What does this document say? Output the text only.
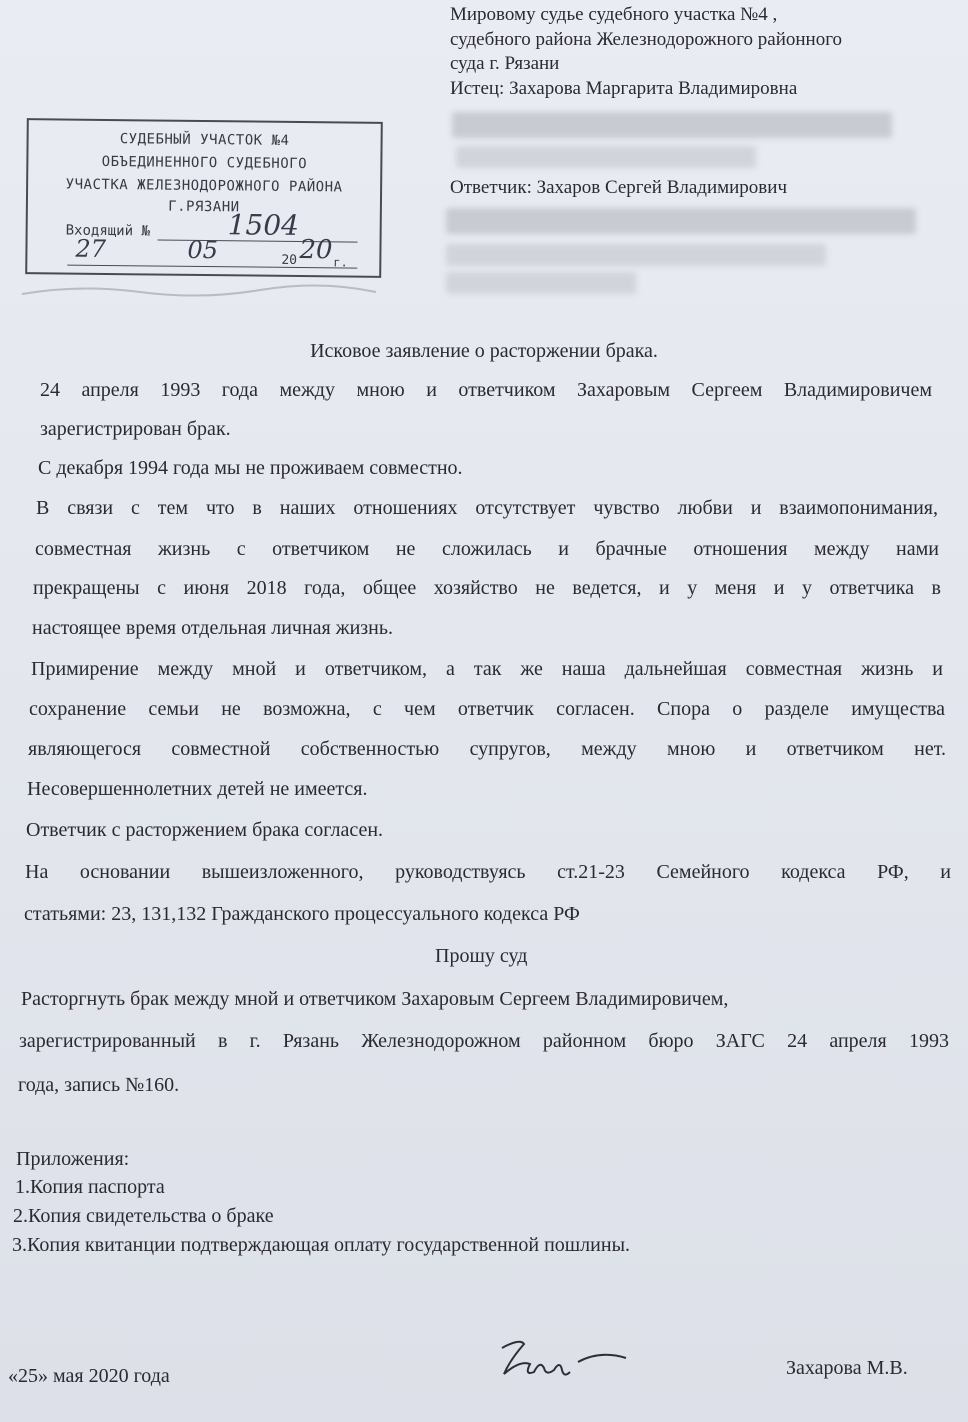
Мировому судье судебного участка №4 ,
судебного района Железнодорожного районного
суда г. Рязани
Истец: Захарова Маргарита Владимировна
Ответчик: Захаров Сергей Владимирович
СУДЕБНЫЙ УЧАСТОК №4
ОБЪЕДИНЕННОГО СУДЕБНОГО
УЧАСТКА ЖЕЛЕЗНОДОРОЖНОГО РАЙОНА
Г.РЯЗАНИ
Входящий №	1504
27	05	20 20 г.
Исковое заявление о расторжении брака.
24 апреля 1993 года между мною и ответчиком Захаровым Сергеем Владимировичем
зарегистрирован брак.
С декабря 1994 года мы не проживаем совместно.
В связи с тем что в наших отношениях отсутствует чувство любви и взаимопонимания,
совместная жизнь с ответчиком не сложилась и брачные отношения между нами
прекращены с июня 2018 года, общее хозяйство не ведется, и у меня и у ответчика в
настоящее время отдельная личная жизнь.
Примирение между мной и ответчиком, а так же наша дальнейшая совместная жизнь и
сохранение семьи не возможна, с чем ответчик согласен. Спора о разделе имущества
являющегося совместной собственностью супругов, между мною и ответчиком нет.
Несовершеннолетних детей не имеется.
Ответчик с расторжением брака согласен.
На основании вышеизложенного, руководствуясь ст.21-23 Семейного кодекса РФ, и
статьями: 23, 131,132 Гражданского процессуального кодекса РФ
Прошу суд
Расторгнуть брак между мной и ответчиком Захаровым Сергеем Владимировичем,
зарегистрированный в г. Рязань Железнодорожном районном бюро ЗАГС 24 апреля 1993
года, запись №160.
Приложения:
1.Копия паспорта
2.Копия свидетельства о браке
3.Копия квитанции подтверждающая оплату государственной пошлины.
«25» мая 2020 года	Захарова М.В.
